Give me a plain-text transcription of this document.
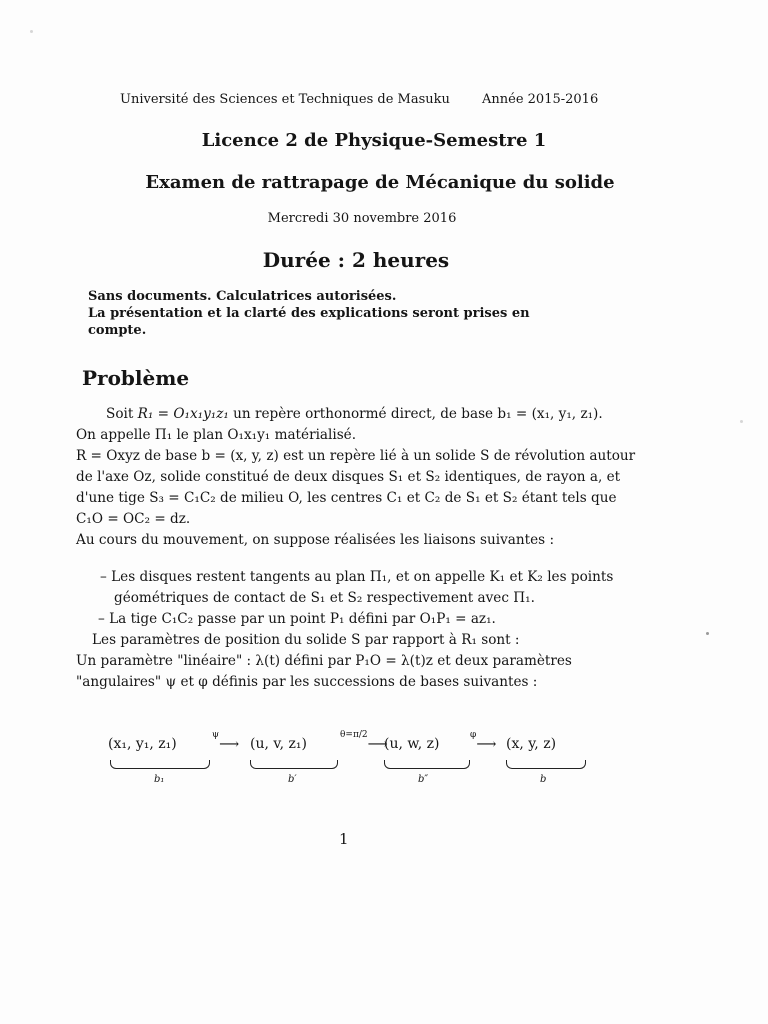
Université des Sciences et Techniques de Masuku Année 2015-2016
Licence 2 de Physique-Semestre 1
Examen de rattrapage de Mécanique du solide
Mercredi 30 novembre 2016
Durée : 2 heures
Sans documents. Calculatrices autorisées.
La présentation et la clarté des explications seront prises en compte.
Problème

Soit R₁ = O₁x₁y₁z₁ un repère orthonormé direct, de base b₁ = (x₁, y₁, z₁).

On appelle Π₁ le plan O₁x₁y₁ matérialisé.

R = Oxyz de base b = (x, y, z) est un repère lié à un solide S de révolution autour de l'axe Oz, solide constitué de deux disques S₁ et S₂ identiques, de rayon a, et d'une tige S₃ = C₁C₂ de milieu O, les centres C₁ et C₂ de S₁ et S₂ étant tels que C₁O = OC₂ = dz.

Au cours du mouvement, on suppose réalisées les liaisons suivantes :

– Les disques restent tangents au plan Π₁, et on appelle K₁ et K₂ les points géométriques de contact de S₁ et S₂ respectivement avec Π₁.
– La tige C₁C₂ passe par un point P₁ défini par O₁P₁ = az₁.

Les paramètres de position du solide S par rapport à R₁ sont :

Un paramètre "linéaire" : λ(t) défini par P₁O = λ(t)z et deux paramètres "angulaires" ψ et φ définis par les successions de bases suivantes :

(x₁, y₁, z₁)
$^\psi$⟶ (u, v, z₁)
$^{\theta=\pi/2}$⟶
(u, w, z)
$^\varphi$⟶ (x, y, z)
b₁	b′	b″	b
1
